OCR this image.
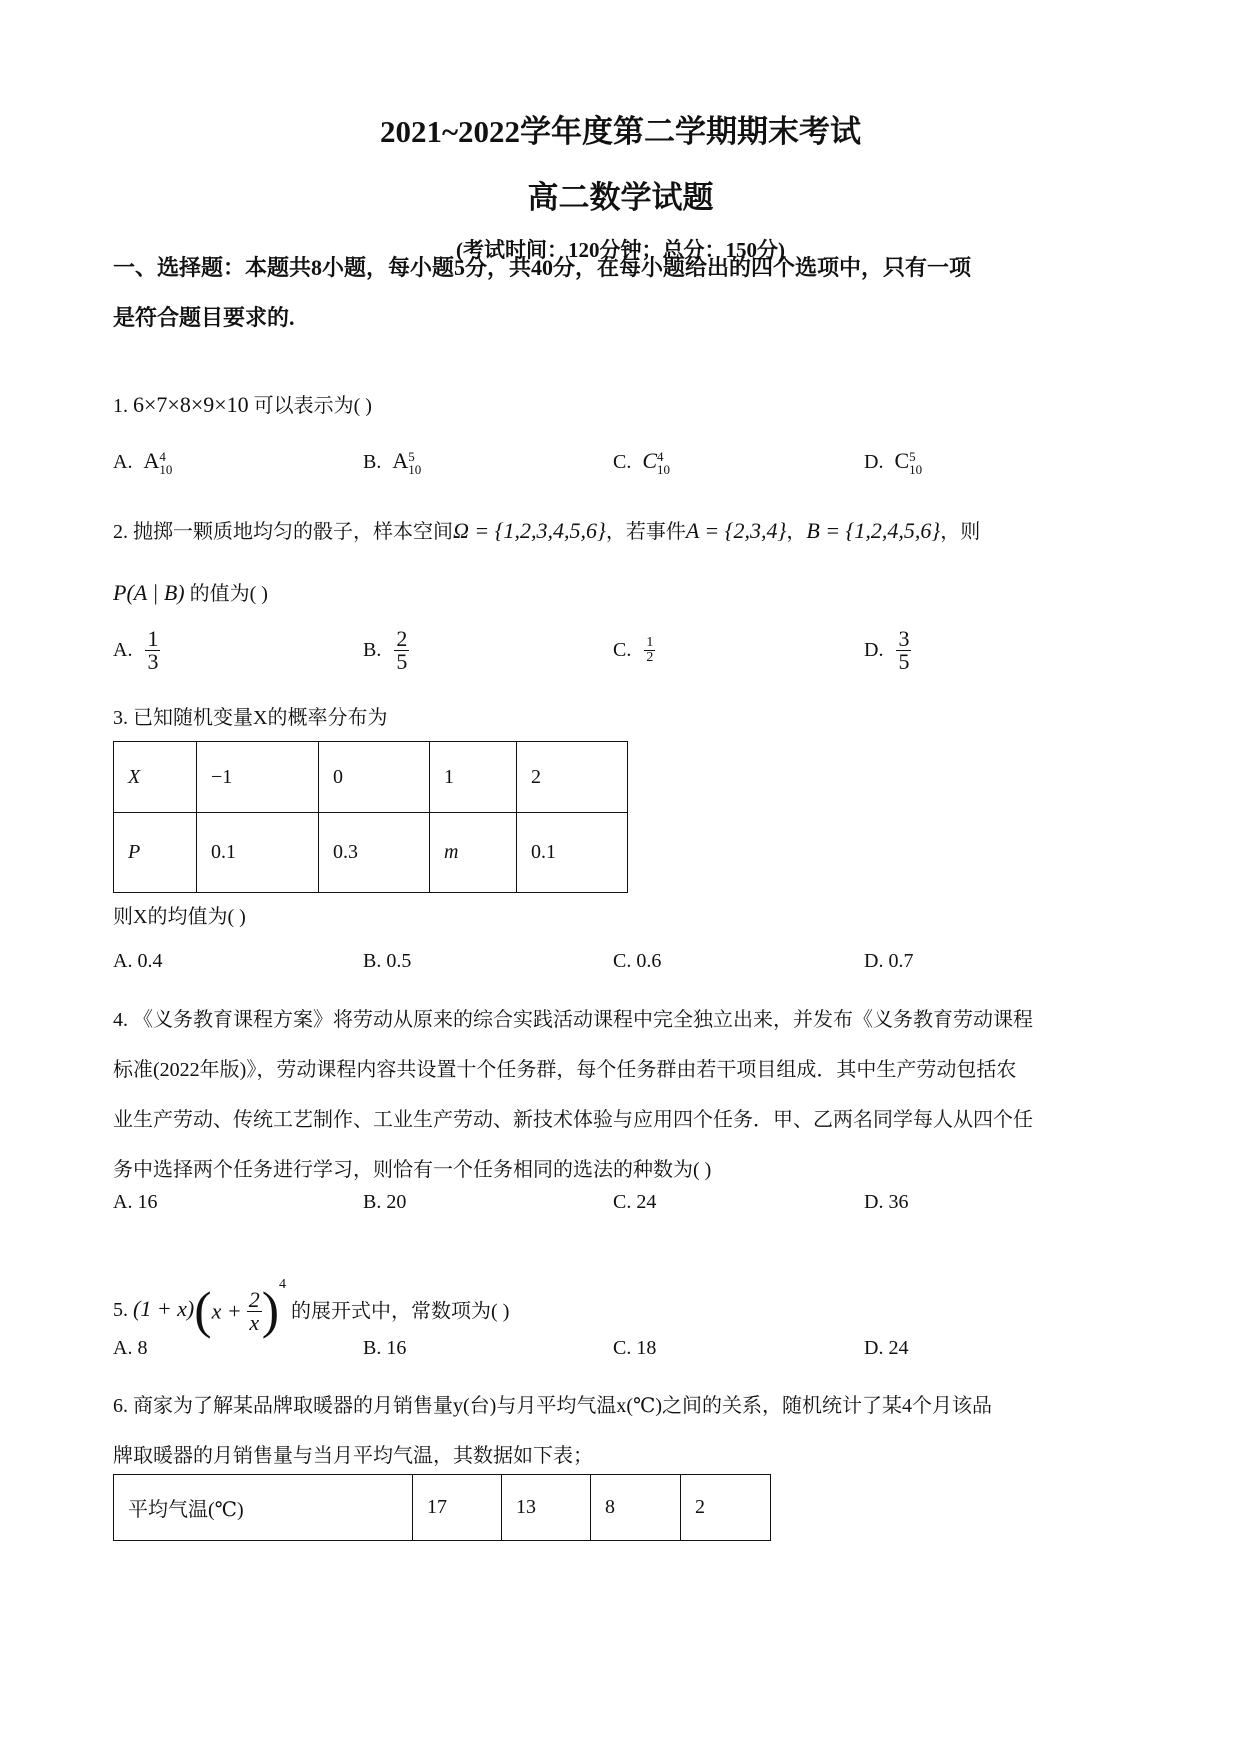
2021~2022学年度第二学期期末考试
高二数学试题
(考试时间：120分钟；总分：150分)
一、选择题：本题共8小题，每小题5分，共40分，在每小题给出的四个选项中，只有一项
是符合题目要求的.
1. 6×7×8×9×10 可以表示为( )
A. A 4
10	B. A 5
10	C. C 4
10	D. C 5
10
2. 抛掷一颗质地均匀的骰子，样本空间Ω = {1,2,3,4,5,6}，若事件A = {2,3,4}，B = {1,2,4,5,6}，则
P(A | B) 的值为( )
A. $\frac{1}{3}$	B. $\frac{2}{5}$	C. $\frac{1}{2}$	D. $\frac{3}{5}$
3. 已知随机变量X的概率分布为
X	−1	0	1	2
P	0.1	0.3	m	0.1
则X的均值为( )
A. 0.4	B. 0.5	C. 0.6	D. 0.7
4. 《义务教育课程方案》将劳动从原来的综合实践活动课程中完全独立出来，并发布《义务教育劳动课程
标准(2022年版)》，劳动课程内容共设置十个任务群，每个任务群由若干项目组成．其中生产劳动包括农
业生产劳动、传统工艺制作、工业生产劳动、新技术体验与应用四个任务．甲、乙两名同学每人从四个任
务中选择两个任务进行学习，则恰有一个任务相同的选法的种数为( )
A. 16	B. 20	C. 24	D. 36
5. $(1 + x)(x + \frac{2}{x} )^4$ 的展开式中，常数项为( )
A. 8	B. 16	C. 18	D. 24
6. 商家为了解某品牌取暖器的月销售量y(台)与月平均气温x(℃)之间的关系，随机统计了某4个月该品
牌取暖器的月销售量与当月平均气温，其数据如下表；
平均气温(℃)	17	13	8	2
